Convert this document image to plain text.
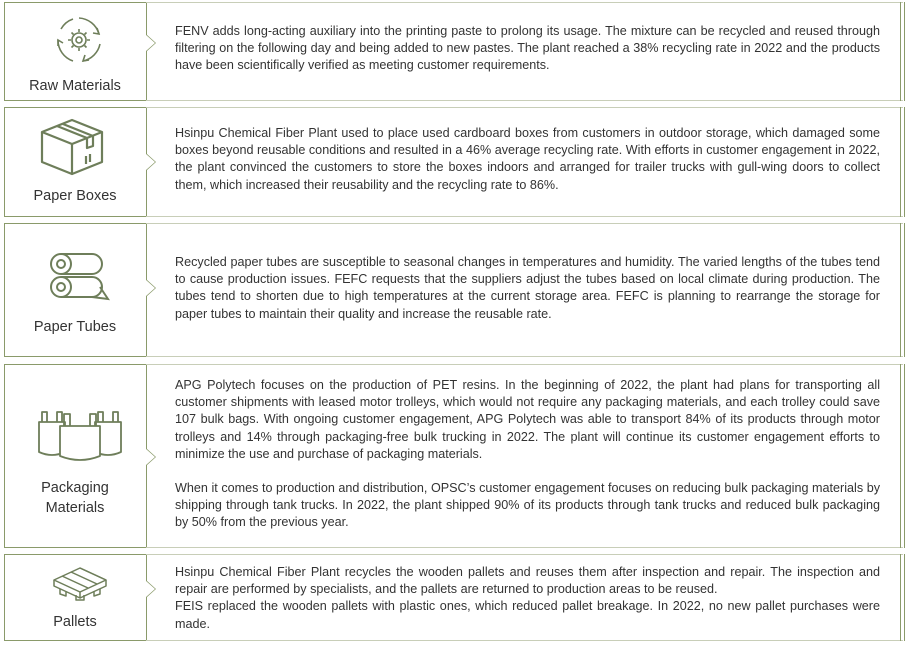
Raw Materials

FENV adds long-acting auxiliary into the printing paste to prolong its usage. The mixture can be recycled and reused through filtering on the following day and being added to new pastes. The plant reached a 38% recycling rate in 2022 and the products have been scientifically verified as meeting customer requirements.

Paper Boxes

Hsinpu Chemical Fiber Plant used to place used cardboard boxes from customers in outdoor storage, which damaged some boxes beyond reusable conditions and resulted in a 46% average recycling rate. With efforts in customer engagement in 2022, the plant convinced the customers to store the boxes indoors and arranged for trailer trucks with gull-wing doors to collect them, which increased their reusability and the recycling rate to 86%.

Paper Tubes

Recycled paper tubes are susceptible to seasonal changes in temperatures and humidity. The varied lengths of the tubes tend to cause production issues. FEFC requests that the suppliers adjust the tubes based on local climate during production. The tubes tend to shorten due to high temperatures at the current storage area. FEFC is planning to rearrange the storage for paper tubes to maintain their quality and increase the reusable rate.

Packaging Materials

APG Polytech focuses on the production of PET resins. In the beginning of 2022, the plant had plans for transporting all customer shipments with leased motor trolleys, which would not require any packaging materials, and each trolley could save 107 bulk bags. With ongoing customer engagement, APG Polytech was able to transport 84% of its products through motor trolleys and 14% through packaging-free bulk trucking in 2022. The plant will continue its customer engagement efforts to minimize the use and purchase of packaging materials.

When it comes to production and distribution, OPSC’s customer engagement focuses on reducing bulk packaging materials by shipping through tank trucks. In 2022, the plant shipped 90% of its products through tank trucks and reduced bulk packaging by 50% from the previous year.

Pallets

Hsinpu Chemical Fiber Plant recycles the wooden pallets and reuses them after inspection and repair. The inspection and repair are performed by specialists, and the pallets are returned to production areas to be reused.

FEIS replaced the wooden pallets with plastic ones, which reduced pallet breakage. In 2022, no new pallet purchases were made.
